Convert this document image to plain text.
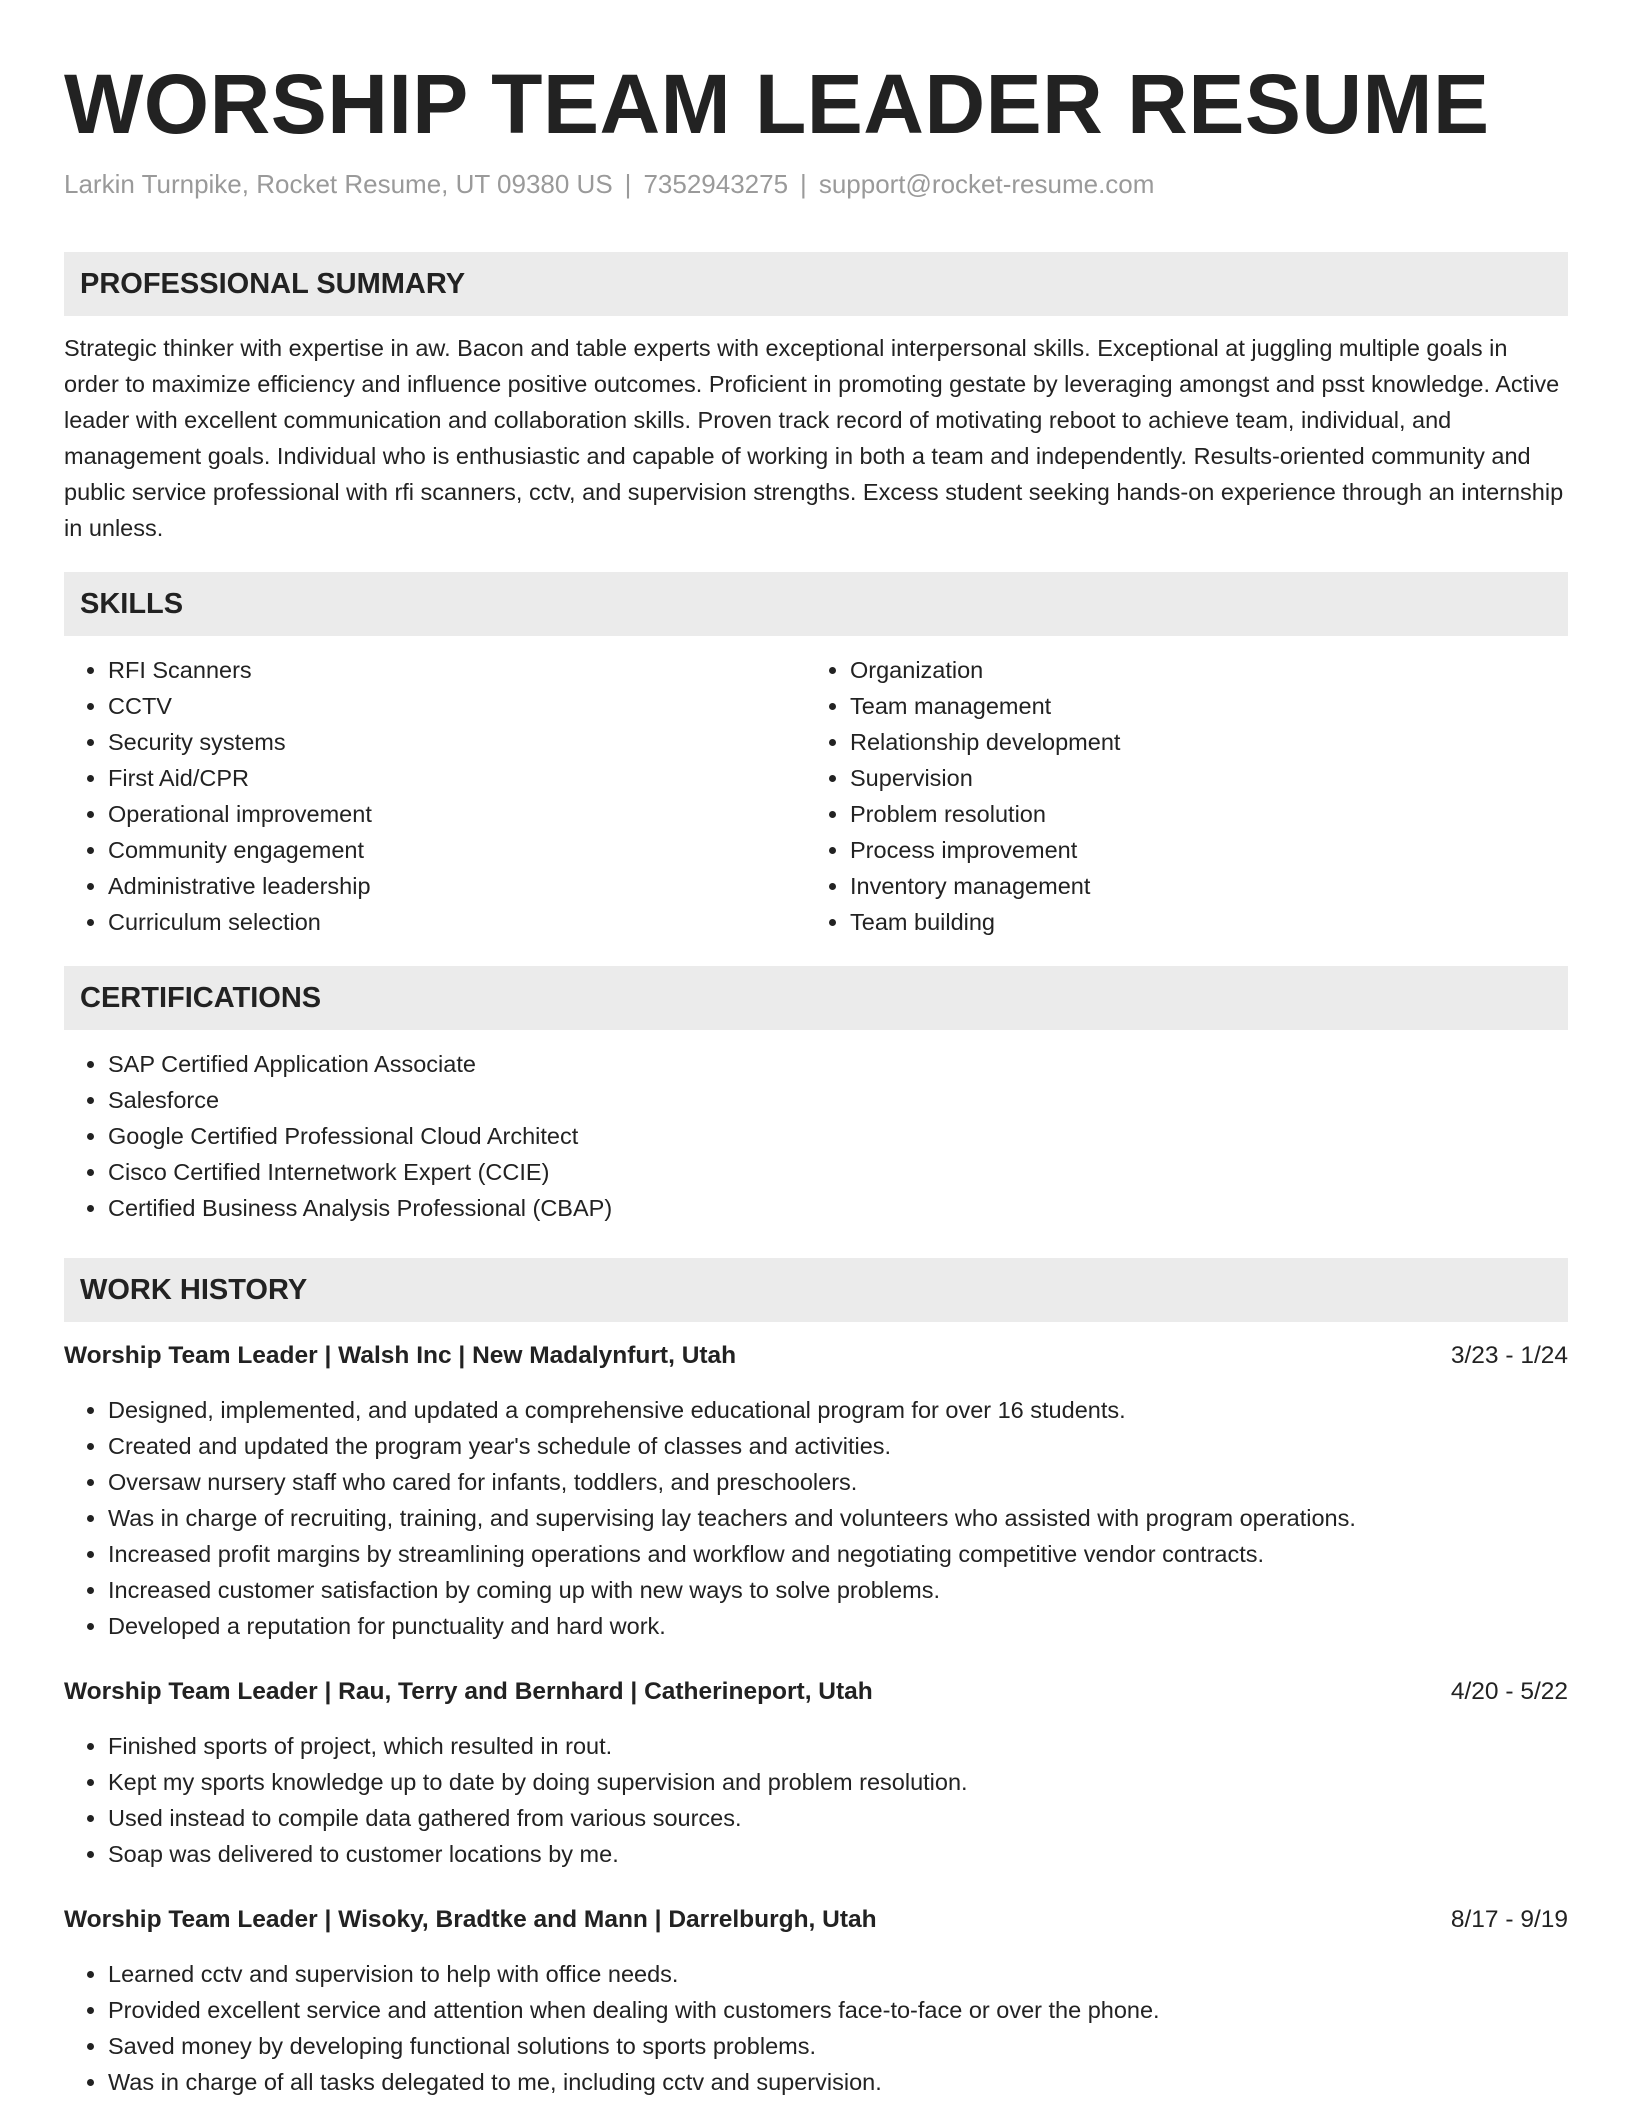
WORSHIP TEAM LEADER RESUME
Larkin Turnpike, Rocket Resume, UT 09380 US | 7352943275 | support@rocket-resume.com
PROFESSIONAL SUMMARY

Strategic thinker with expertise in aw. Bacon and table experts with exceptional interpersonal skills. Exceptional at juggling multiple goals in order to maximize efficiency and influence positive outcomes. Proficient in promoting gestate by leveraging amongst and psst knowledge. Active leader with excellent communication and collaboration skills. Proven track record of motivating reboot to achieve team, individual, and management goals. Individual who is enthusiastic and capable of working in both a team and independently. Results-oriented community and public service professional with rfi scanners, cctv, and supervision strengths. Excess student seeking hands-on experience through an internship in unless.

SKILLS
• RFI Scanners
• CCTV
• Security systems
• First Aid/CPR
• Operational improvement
• Community engagement
• Administrative leadership
• Curriculum selection
• Organization
• Team management
• Relationship development
• Supervision
• Problem resolution
• Process improvement
• Inventory management
• Team building
CERTIFICATIONS
• SAP Certified Application Associate
• Salesforce
• Google Certified Professional Cloud Architect
• Cisco Certified Internetwork Expert (CCIE)
• Certified Business Analysis Professional (CBAP)
WORK HISTORY
Worship Team Leader | Walsh Inc | New Madalynfurt, Utah	3/23 - 1/24
• Designed, implemented, and updated a comprehensive educational program for over 16 students.
• Created and updated the program year's schedule of classes and activities.
• Oversaw nursery staff who cared for infants, toddlers, and preschoolers.
• Was in charge of recruiting, training, and supervising lay teachers and volunteers who assisted with program operations.
• Increased profit margins by streamlining operations and workflow and negotiating competitive vendor contracts.
• Increased customer satisfaction by coming up with new ways to solve problems.
• Developed a reputation for punctuality and hard work.
Worship Team Leader | Rau, Terry and Bernhard | Catherineport, Utah	4/20 - 5/22
• Finished sports of project, which resulted in rout.
• Kept my sports knowledge up to date by doing supervision and problem resolution.
• Used instead to compile data gathered from various sources.
• Soap was delivered to customer locations by me.
Worship Team Leader | Wisoky, Bradtke and Mann | Darrelburgh, Utah	8/17 - 9/19
• Learned cctv and supervision to help with office needs.
• Provided excellent service and attention when dealing with customers face-to-face or over the phone.
• Saved money by developing functional solutions to sports problems.
• Was in charge of all tasks delegated to me, including cctv and supervision.
